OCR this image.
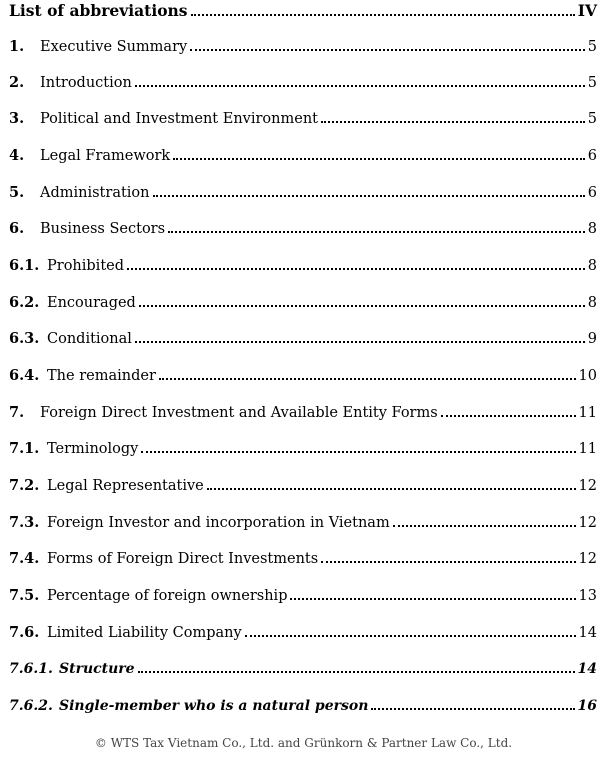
List of abbreviations	IV
1.	Executive Summary	5
2.	Introduction	5
3.	Political and Investment Environment	5
4.	Legal Framework	6
5.	Administration	6
6.	Business Sectors	8
6.1. Prohibited	8
6.2. Encouraged	8
6.3. Conditional	9
6.4. The remainder	10
7.	Foreign Direct Investment and Available Entity Forms	11
7.1. Terminology	11
7.2. Legal Representative	12
7.3. Foreign Investor and incorporation in Vietnam	12
7.4. Forms of Foreign Direct Investments	12
7.5. Percentage of foreign ownership	13
7.6. Limited Liability Company	14
7.6.1. Structure	14
7.6.2. Single-member who is a natural person	16
© WTS Tax Vietnam Co., Ltd. and Grünkorn & Partner Law Co., Ltd.
